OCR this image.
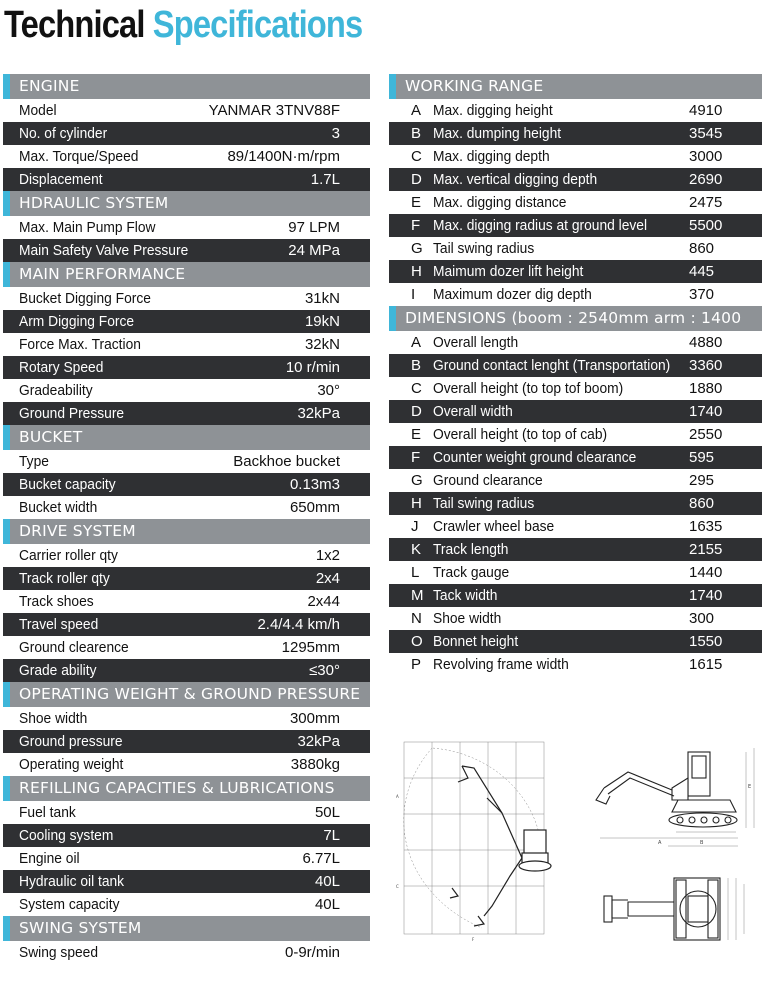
Technical Specifications
ENGINE
Model	YANMAR 3TNV88F
No. of cylinder	3
Max. Torque/Speed	89/1400N·m/rpm
Displacement	1.7L
HDRAULIC SYSTEM
Max. Main Pump Flow	97 LPM
Main Safety Valve Pressure	24 MPa
MAIN PERFORMANCE
Bucket Digging Force	31kN
Arm Digging Force	19kN
Force Max. Traction	32kN
Rotary Speed	10 r/min
Gradeability	30°
Ground Pressure	32kPa
BUCKET
Type	Backhoe bucket
Bucket capacity	0.13m3
Bucket width	650mm
DRIVE SYSTEM
Carrier roller qty	1x2
Track roller qty	2x4
Track shoes	2x44
Travel speed	2.4/4.4 km/h
Ground clearence	1295mm
Grade ability	≤30°
OPERATING WEIGHT & GROUND PRESSURE
Shoe width	300mm
Ground pressure	32kPa
Operating weight	3880kg
REFILLING CAPACITIES & LUBRICATIONS
Fuel tank	50L
Cooling system	7L
Engine oil	6.77L
Hydraulic oil tank	40L
System capacity	40L
SWING SYSTEM
Swing speed	0-9r/min
WORKING RANGE
A Max. digging height	4910
B Max. dumping height	3545
C Max. digging depth	3000
D Max. vertical digging depth	2690
E Max. digging distance	2475
F Max. digging radius at ground level	5500
G Tail swing radius	860
H Maimum dozer lift height	445
I	Maximum dozer dig depth	370
DIMENSIONS (boom : 2540mm arm : 1400
A Overall length	4880
B Ground contact lenght (Transportation) 3360
C Overall height (to top tof boom)	1880
D Overall width	1740
E Overall height (to top of cab)	2550
F Counter weight ground clearance	595
G Ground clearance	295
H Tail swing radius	860
J Crawler wheel base	1635
K Track length	2155
L Track gauge	1440
M Tack width	1740
N Shoe width	300
O Bonnet height	1550
P Revolving frame width	1615
A
C
F
A	B
E
